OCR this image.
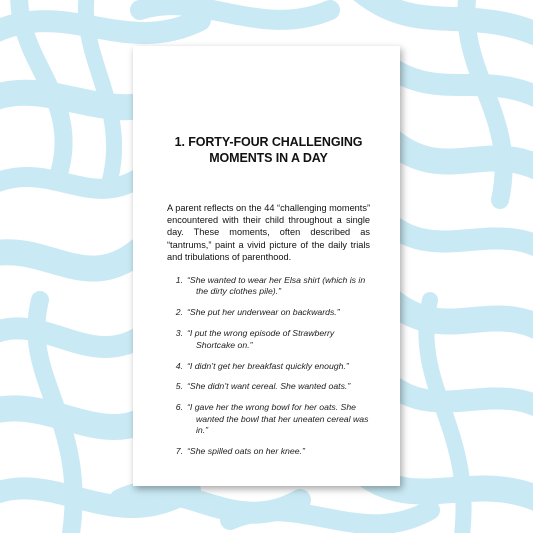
1. FORTY-FOUR CHALLENGING
MOMENTS IN A DAY

A parent reflects on the 44 “challenging moments” encountered with their child throughout a single day. These moments, often described as “tantrums,” paint a vivid picture of the daily trials and tribulations of parenthood.

1. “She wanted to wear her Elsa shirt (which is in the dirty clothes pile).”
2. “She put her underwear on backwards.”
3. “I put the wrong episode of Strawberry Shortcake on.”
4. “I didn’t get her breakfast quickly enough.”
5. “She didn’t want cereal. She wanted oats.”
6. “I gave her the wrong bowl for her oats. She wanted the bowl that her uneaten cereal was in.”
7. “She spilled oats on her knee.”
